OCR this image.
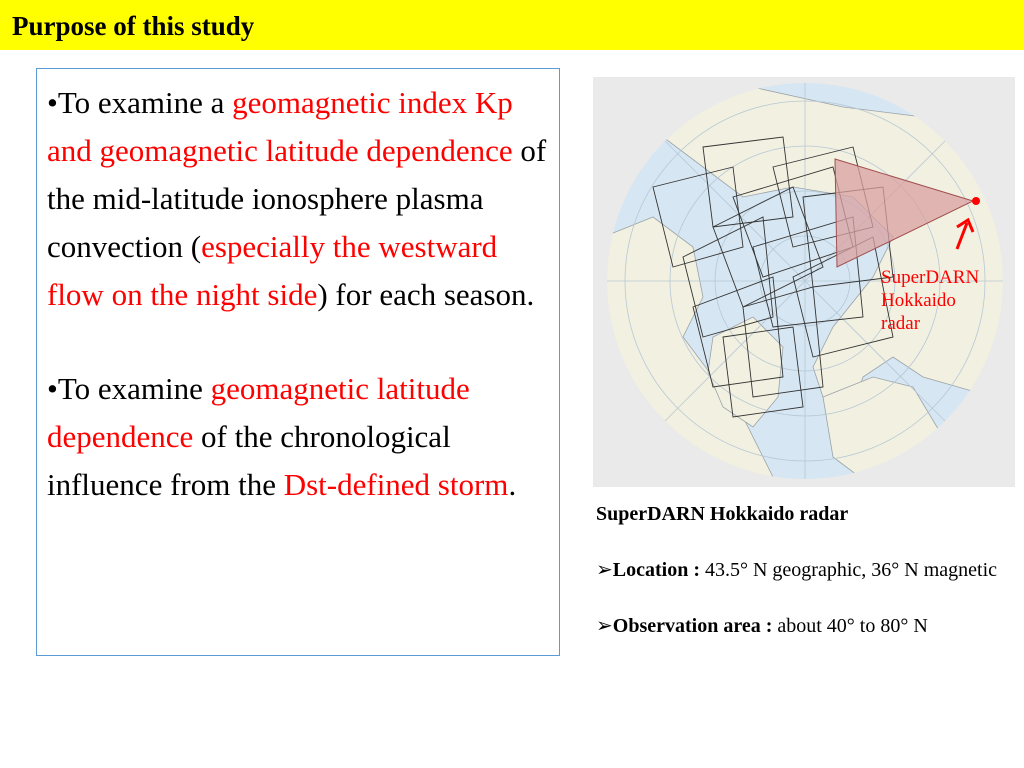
Purpose of this study

•To examine a geomagnetic index Kp and geomagnetic latitude dependence of the mid-latitude ionosphere plasma convection (especially the westward flow on the night side) for each season.

•To examine geomagnetic latitude dependence of the chronological influence from the Dst-defined storm.

SuperDARN
Hokkaido
radar

SuperDARN Hokkaido radar

➢Location : 43.5° N geographic, 36° N magnetic

➢Observation area : about 40° to 80° N
